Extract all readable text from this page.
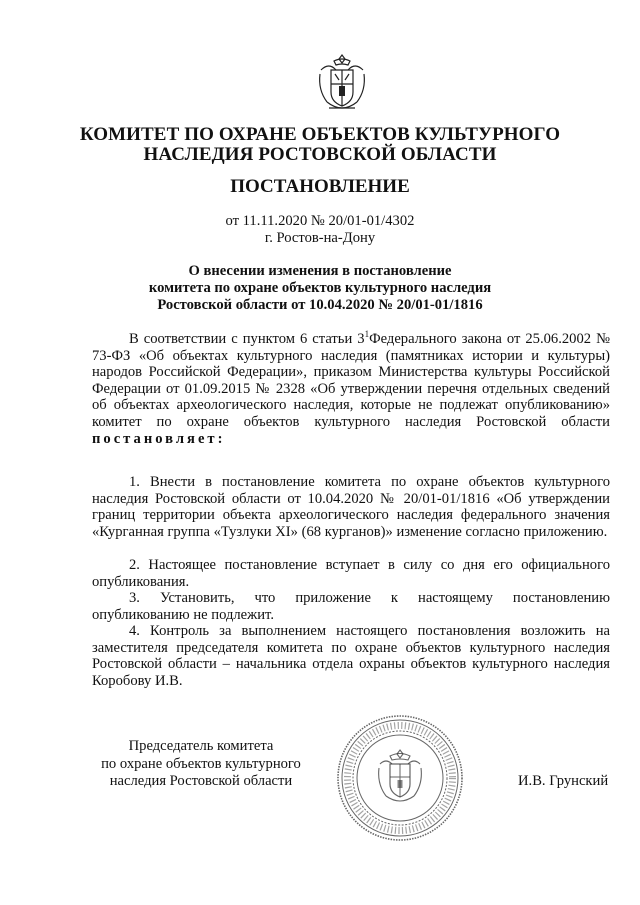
КОМИТЕТ ПО ОХРАНЕ ОБЪЕКТОВ КУЛЬТУРНОГО
НАСЛЕДИЯ РОСТОВСКОЙ ОБЛАСТИ
ПОСТАНОВЛЕНИЕ
от 11.11.2020 № 20/01-01/4302
г. Ростов-на-Дону
О внесении изменения в постановление
комитета по охране объектов культурного наследия
Ростовской области от 10.04.2020 № 20/01-01/1816
В соответствии с пунктом 6 статьи $3^1Федерального$ закона от 25.06.2002 № 73-ФЗ «Об объектах культурного наследия (памятниках истории и культуры) народов Российской Федерации», приказом Министерства культуры Российской Федерации от 01.09.2015 № 2328 «Об утверждении перечня отдельных сведений об объектах археологического наследия, которые не подлежат опубликованию» комитет по охране объектов культурного наследия Ростовской области постановляет:
1. Внести в постановление комитета по охране объектов культурного наследия Ростовской области от 10.04.2020 № 20/01-01/1816 «Об утверждении границ территории объекта археологического наследия федерального значения «Курганная группа «Тузлуки XI» (68 курганов)» изменение согласно приложению.
2. Настоящее постановление вступает в силу со дня его официального опубликования.
3. Установить, что приложение к настоящему постановлению опубликованию не подлежит.
4. Контроль за выполнением настоящего постановления возложить на заместителя председателя комитета по охране объектов культурного наследия Ростовской области – начальника отдела охраны объектов культурного наследия Коробову И.В.
Председатель комитета
по охране объектов культурного
наследия Ростовской области	И.В. Грунский
